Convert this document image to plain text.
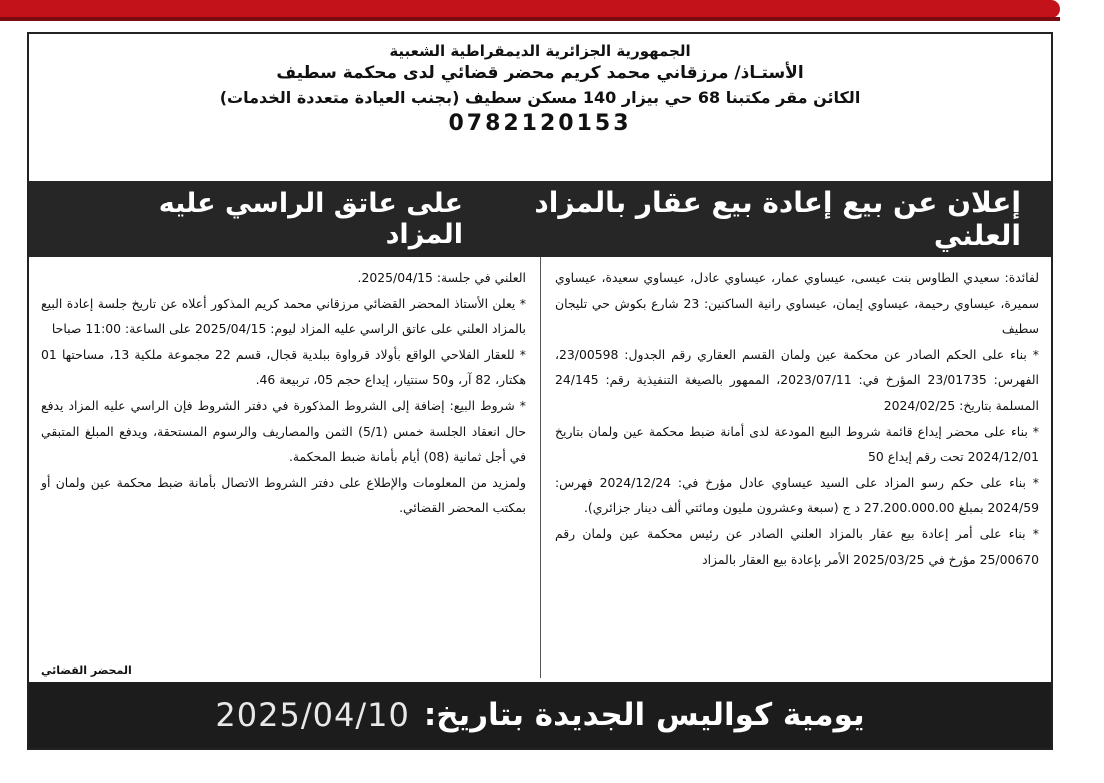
الجمهورية الجزائرية الديمقراطية الشعبية
الأستـاذ/ مرزقاني محمد كريم محضر قضائي لدى محكمة سطيف
الكائن مقر مكتبنا 68 حي بيزار 140 مسكن سطيف (بجنب العيادة متعددة الخدمات)
0782120153
إعلان عن بيع إعادة بيع عقار بالمزاد العلني
على عاتق الراسي عليه المزاد

لفائدة: سعيدي الطاوس بنت عيسى، عيساوي عمار، عيساوي عادل، عيساوي سعيدة، عيساوي سميرة، عيساوي رحيمة، عيساوي إيمان، عيساوي رانية الساكنين: 23 شارع بكوش حي تليجان سطيف

* بناء على الحكم الصادر عن محكمة عين ولمان القسم العقاري رقم الجدول: 23/00598، الفهرس: 23/01735 المؤرخ في: 2023/07/11، الممهور بالصيغة التنفيذية رقم: 24/145 المسلمة بتاريخ: 2024/02/25

* بناء على محضر إيداع قائمة شروط البيع المودعة لدى أمانة ضبط محكمة عين ولمان بتاريخ 2024/12/01 تحت رقم إيداع 50

* بناء على حكم رسو المزاد على السيد عيساوي عادل مؤرخ في: 2024/12/24 فهرس: 2024/59 بمبلغ 27.200.000.00 د ج (سبعة وعشرون مليون ومائتي ألف دينار جزائري).

* بناء على أمر إعادة بيع عقار بالمزاد العلني الصادر عن رئيس محكمة عين ولمان رقم 25/00670 مؤرخ في 2025/03/25 الأمر بإعادة بيع العقار بالمزاد

العلني في جلسة: 2025/04/15.

* يعلن الأستاذ المحضر القضائي مرزقاني محمد كريم المذكور أعلاه عن تاريخ جلسة إعادة البيع بالمزاد العلني على عاتق الراسي عليه المزاد ليوم: 2025/04/15 على الساعة: 11:00 صباحا

* للعقار الفلاحي الواقع بأولاد قرواوة ببلدية قجال، قسم 22 مجموعة ملكية 13، مساحتها 01 هكتار، 82 آر، و50 سنتيار، إيداع حجم 05، تربيعة 46.

* شروط البيع: إضافة إلى الشروط المذكورة في دفتر الشروط فإن الراسي عليه المزاد يدفع حال انعقاد الجلسة خمس (5/1) الثمن والمصاريف والرسوم المستحقة، ويدفع المبلغ المتبقي في أجل ثمانية (08) أيام بأمانة ضبط المحكمة.

ولمزيد من المعلومات والإطلاع على دفتر الشروط الاتصال بأمانة ضبط محكمة عين ولمان أو بمكتب المحضر القضائي.

المحضر القضائي
يومية كواليس الجديدة بتاريخ:
2025/04/10
